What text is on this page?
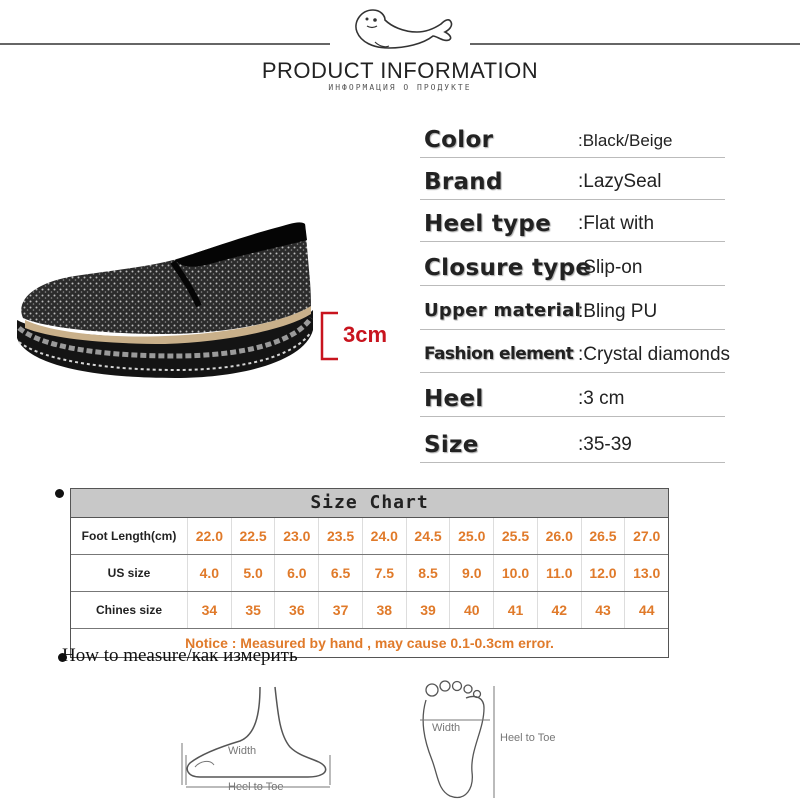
PRODUCT INFORMATION
ИНФОРМАЦИЯ О ПРОДУКТЕ
3cm
Color	:Black/Beige
Brand	:LazySeal
Heel type :Flat with
Closure type
:Slip-on
Upper material
:Bling PU
Fashion element :Crystal diamonds
Heel	:3 cm
Size	:35-39
Size Chart
Foot Length(cm)	22.0	22.5	23.0	23.5	24.0	24.5	25.0	25.5	26.0	26.5	27.0
US size	4.0	5.0	6.0	6.5	7.5	8.5	9.0	10.0	11.0	12.0	13.0
Chines size	34	35	36	37	38	39	40	41	42	43	44
Notice : Measured by hand , may cause 0.1-0.3cm error.
How to measure/как измерить
Width
Heel to Toe
Width
Heel to Toe
